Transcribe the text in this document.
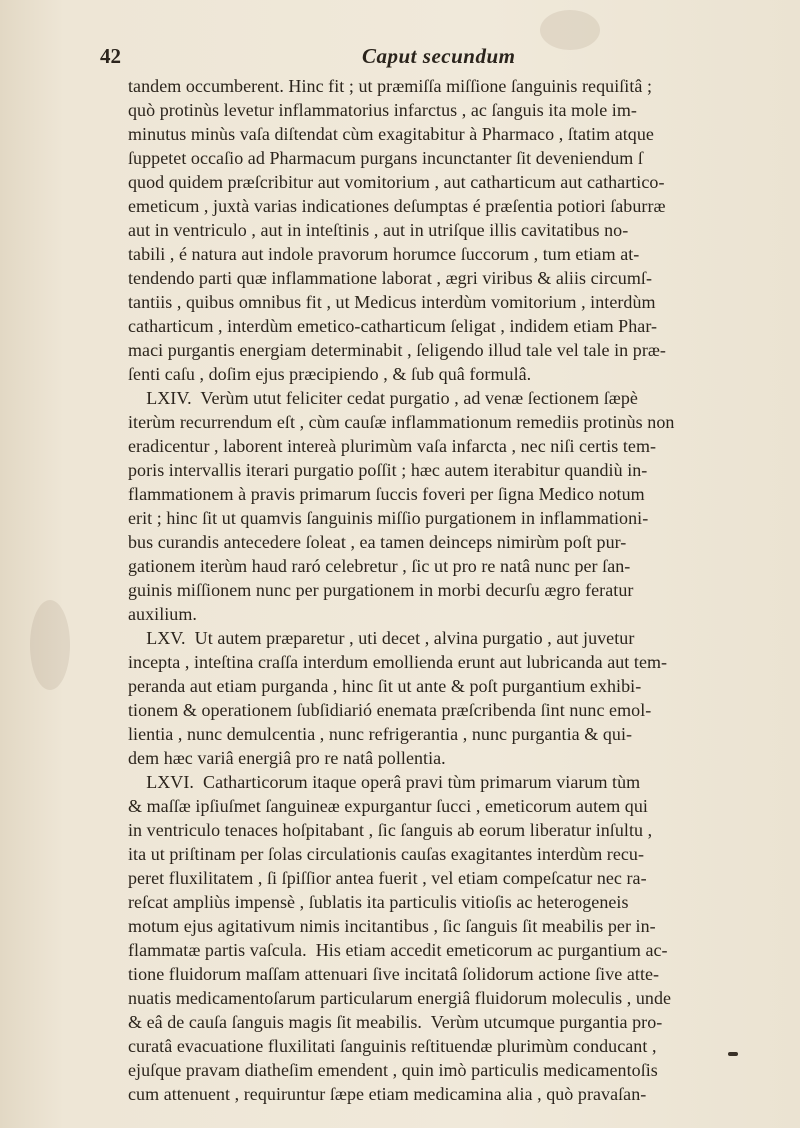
42	Caput secundum
tandem occumberent. Hinc fit ; ut præmiſſa miſſione ſanguinis requiſitâ ;
quò protinùs levetur inflammatorius infarctus , ac ſanguis ita mole im-
minutus minùs vaſa diſtendat cùm exagitabitur à Pharmaco , ſtatim atque
ſuppetet occaſio ad Pharmacum purgans incunctanter ſit deveniendum ſ
quod quidem præſcribitur aut vomitorium , aut catharticum aut cathartico-
emeticum , juxtà varias indicationes deſumptas é præſentia potiori ſaburræ
aut in ventriculo , aut in inteſtinis , aut in utriſque illis cavitatibus no-
tabili , é natura aut indole pravorum horumce ſuccorum , tum etiam at-
tendendo parti quæ inflammatione laborat , ægri viribus & aliis circumſ-
tantiis , quibus omnibus fit , ut Medicus interdùm vomitorium , interdùm
catharticum , interdùm emetico-catharticum ſeligat , indidem etiam Phar-
maci purgantis energiam determinabit , ſeligendo illud tale vel tale in præ-
ſenti caſu , doſim ejus præcipiendo , & ſub quâ formulâ.
LXIV.  Verùm utut feliciter cedat purgatio , ad venæ ſectionem ſæpè
iterùm recurrendum eſt , cùm cauſæ inflammationum remediis protinùs non
eradicentur , laborent intereà plurimùm vaſa infarcta , nec niſi certis tem-
poris intervallis iterari purgatio poſſit ; hæc autem iterabitur quandiù in-
flammationem à pravis primarum ſuccis foveri per ſigna Medico notum
erit ; hinc ſit ut quamvis ſanguinis miſſio purgationem in inflammationi-
bus curandis antecedere ſoleat , ea tamen deinceps nimirùm poſt pur-
gationem iterùm haud raró celebretur , ſic ut pro re natâ nunc per ſan-
guinis miſſionem nunc per purgationem in morbi decurſu ægro feratur
auxilium.
LXV.  Ut autem præparetur , uti decet , alvina purgatio , aut juvetur
incepta , inteſtina craſſa interdum emollienda erunt aut lubricanda aut tem-
peranda aut etiam purganda , hinc ſit ut ante & poſt purgantium exhibi-
tionem & operationem ſubſidiarió enemata præſcribenda ſint nunc emol-
lientia , nunc demulcentia , nunc refrigerantia , nunc purgantia & qui-
dem hæc variâ energiâ pro re natâ pollentia.
LXVI.  Catharticorum itaque operâ pravi tùm primarum viarum tùm
& maſſæ ipſiuſmet ſanguineæ expurgantur ſucci , emeticorum autem qui
in ventriculo tenaces hoſpitabant , ſic ſanguis ab eorum liberatur inſultu ,
ita ut priſtinam per ſolas circulationis cauſas exagitantes interdùm recu-
peret fluxilitatem , ſi ſpiſſior antea fuerit , vel etiam compeſcatur nec ra-
reſcat ampliùs impensè , ſublatis ita particulis vitioſis ac heterogeneis
motum ejus agitativum nimis incitantibus , ſic ſanguis ſit meabilis per in-
flammatæ partis vaſcula.  His etiam accedit emeticorum ac purgantium ac-
tione fluidorum maſſam attenuari ſive incitatâ ſolidorum actione ſive atte-
nuatis medicamentoſarum particularum energiâ fluidorum moleculis , unde
& eâ de cauſa ſanguis magis ſit meabilis.  Verùm utcumque purgantia pro-
curatâ evacuatione fluxilitati ſanguinis reſtituendæ plurimùm conducant ,
ejuſque pravam diatheſim emendent , quin imò particulis medicamentoſis
cum attenuent , requiruntur ſæpe etiam medicamina alia , quò pravaſan-
